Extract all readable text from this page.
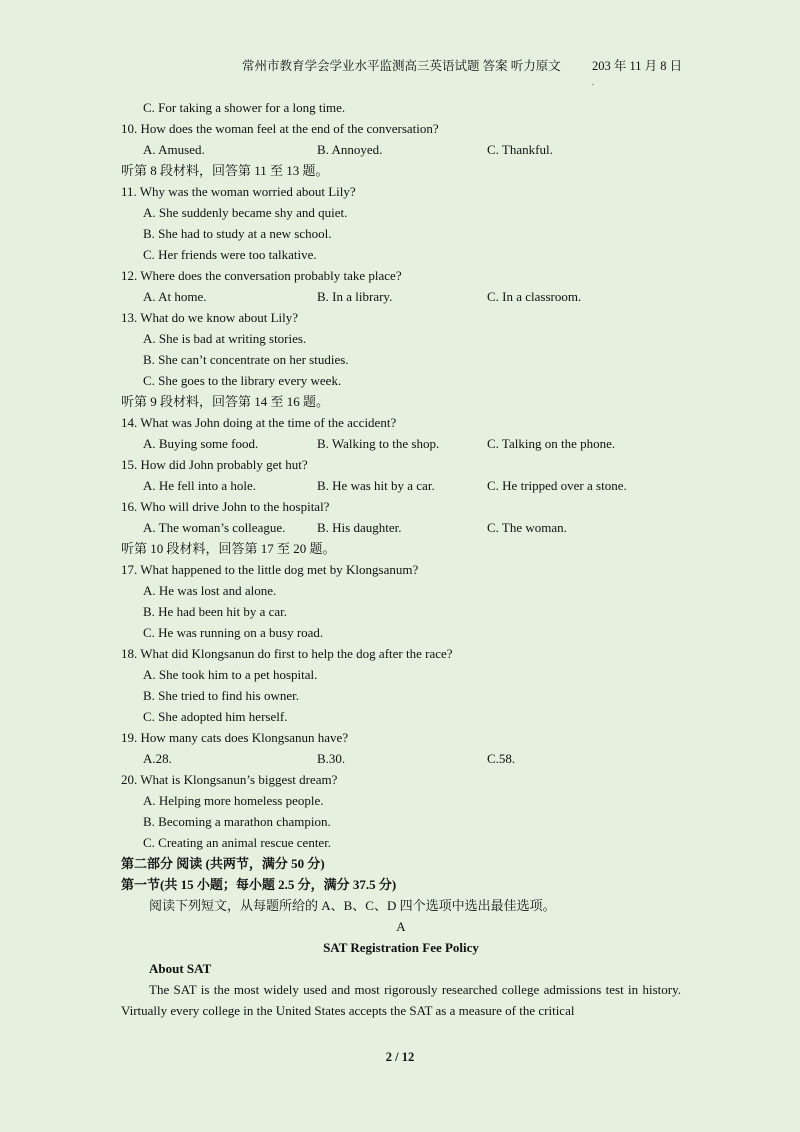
常州市教育学会学业水平监测高三英语试题 答案 听力原文 203 年 11 月 8 日
.
C. For taking a shower for a long time.
10. How does the woman feel at the end of the conversation?
A. Amused.	B. Annoyed.	C. Thankful.
听第 8 段材料，回答第 11 至 13 题。
11. Why was the woman worried about Lily?
A. She suddenly became shy and quiet.
B. She had to study at a new school.
C. Her friends were too talkative.
12. Where does the conversation probably take place?
A. At home.	B. In a library.	C. In a classroom.
13. What do we know about Lily?
A. She is bad at writing stories.
B. She can’t concentrate on her studies.
C. She goes to the library every week.
听第 9 段材料，回答第 14 至 16 题。
14. What was John doing at the time of the accident?
A. Buying some food.	B. Walking to the shop.	C. Talking on the phone.
15. How did John probably get hut?
A. He fell into a hole.	B. He was hit by a car.	C. He tripped over a stone.
16. Who will drive John to the hospital?
A. The woman’s colleague. B. His daughter.	C. The woman.
听第 10 段材料，回答第 17 至 20 题。
17. What happened to the little dog met by Klongsanum?
A. He was lost and alone.
B. He had been hit by a car.
C. He was running on a busy road.
18. What did Klongsanun do first to help the dog after the race?
A. She took him to a pet hospital.
B. She tried to find his owner.
C. She adopted him herself.
19. How many cats does Klongsanun have?
A.28.	B.30.	C.58.
20. What is Klongsanun’s biggest dream?
A. Helping more homeless people.
B. Becoming a marathon champion.
C. Creating an animal rescue center.
第二部分 阅读 (共两节，满分 50 分)
第一节(共 15 小题；每小题 2.5 分，满分 37.5 分)
阅读下列短文，从每题所给的 A、B、C、D 四个选项中选出最佳选项。
A
SAT Registration Fee Policy
About SAT
The SAT is the most widely used and most rigorously researched college admissions test in history. Virtually every college in the United States accepts the SAT as a measure of the critical
2 / 12
